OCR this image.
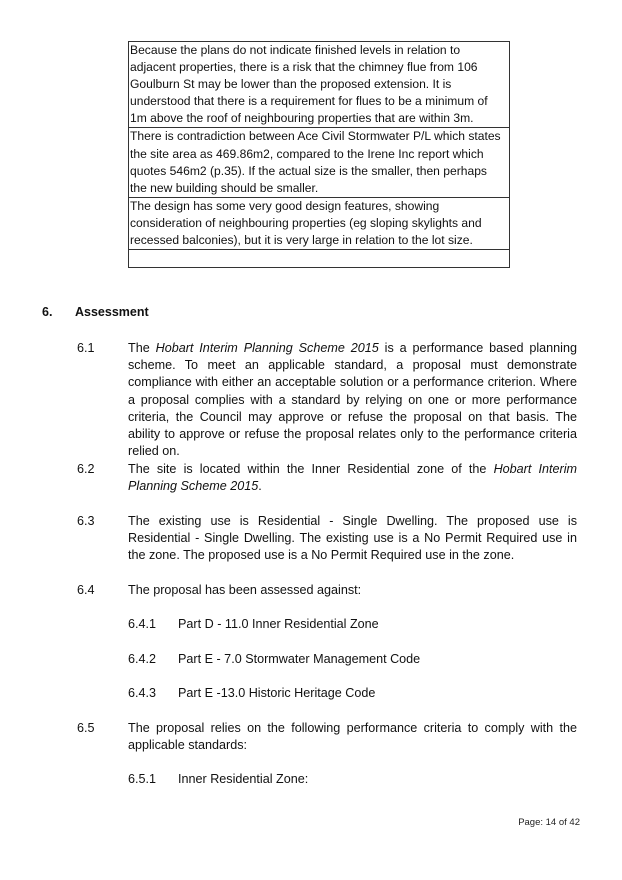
Because the plans do not indicate finished levels in relation to
adjacent properties, there is a risk that the chimney flue from 106
Goulburn St may be lower than the proposed extension. It is
understood that there is a requirement for flues to be a minimum of
1m above the roof of neighbouring properties that are within 3m.

There is contradiction between Ace Civil Stormwater P/L which states
the site area as 469.86m2, compared to the Irene Inc report which
quotes 546m2 (p.35). If the actual size is the smaller, then perhaps
the new building should be smaller.

The design has some very good design features, showing
consideration of neighbouring properties (eg sloping skylights and
recessed balconies), but it is very large in relation to the lot size.

6. Assessment
6.1	The Hobart Interim Planning Scheme 2015 is a performance based planning scheme. To meet an applicable standard, a proposal must demonstrate compliance with either an acceptable solution or a performance criterion. Where a proposal complies with a standard by relying on one or more performance criteria, the Council may approve or refuse the proposal on that basis. The ability to approve or refuse the proposal relates only to the performance criteria relied on.

6.2	The site is located within the Inner Residential zone of the Hobart Interim Planning Scheme 2015.

6.3	The existing use is Residential - Single Dwelling. The proposed use is Residential - Single Dwelling. The existing use is a No Permit Required use in the zone. The proposed use is a No Permit Required use in the zone.

6.4	The proposal has been assessed against:

6.4.1 Part D - 11.0 Inner Residential Zone
6.4.2 Part E - 7.0 Stormwater Management Code
6.4.3 Part E -13.0 Historic Heritage Code
6.5	The proposal relies on the following performance criteria to comply with the applicable standards:

6.5.1 Inner Residential Zone:
Page: 14 of 42
